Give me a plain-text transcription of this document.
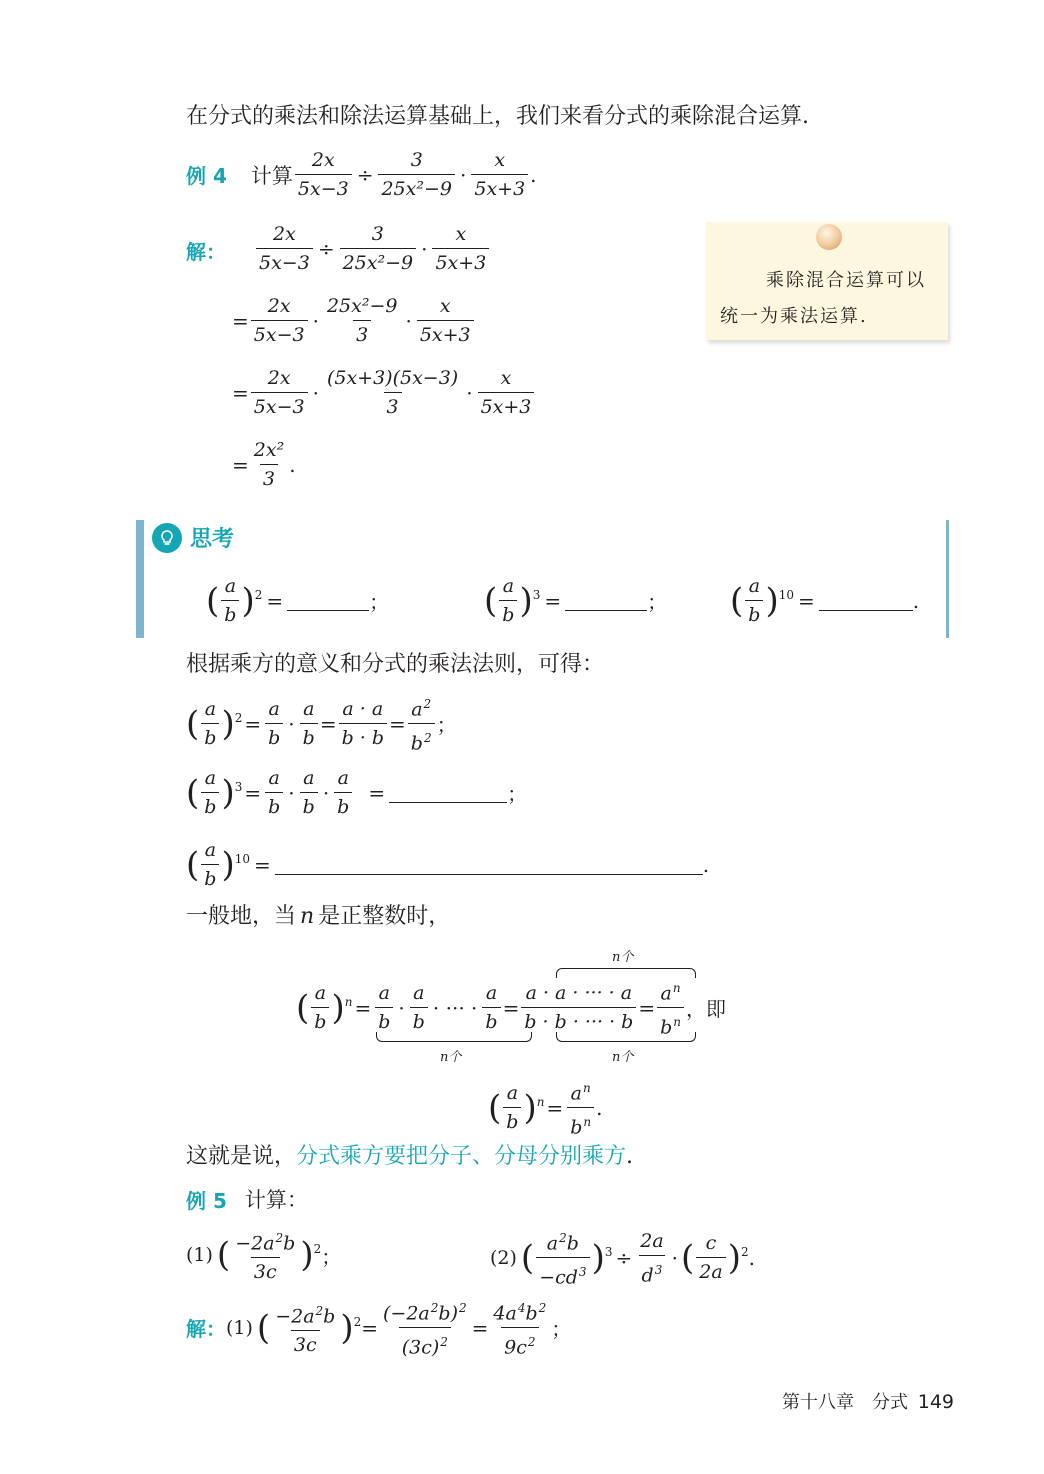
在分式的乘法和除法运算基础上，我们来看分式的乘除混合运算.
例 4 计算 $\frac{2x}{5x-3} \div \frac{3}{\text{25x²−9}} \cdot \frac{x}{5x+3}$ .
解： $\frac{2x}{5x-3} \div \frac{3}{\text{25x²−9}} \cdot \frac{x}{5x+3}$
= $\frac{2x}{5x-3} \cdot \frac{\text{25x²−9}}{3} \cdot \frac{x}{5x+3}$
= $\frac{2x}{5x-3} \cdot \frac{(5x+3)(5x-3)}{3} \cdot \frac{x}{5x+3}$
= $\frac{\text{2x²}}{3}$ .
乘除混合运算可以
统一为乘法运算.
思考
( $\frac{a}{b}$ ) 2 =	；	( $\frac{a}{b}$ ) 3 =	； ( $\frac{a}{b}$ ) 10 =	.
根据乘方的意义和分式的乘法法则，可得：
( $\frac{a}{b}$ ) $2 = \frac{a}{b} \cdot \frac{a}{b} = \frac{a \cdot a}{b \cdot b} = \frac{a^2}{b^2}$ ；
( $\frac{a}{b}$ ) $3 = \frac{a}{b} \cdot \frac{a}{b} \cdot \frac{a}{b}$ =	；
( $\frac{a}{b}$ ) 10 =	.
一般地，当 n 是正整数时，
( $\frac{a}{b}$ ) $n = \frac{a}{b} \cdot \frac{a}{b}$ · ··· · $\frac{a}{b} = \frac{a \cdot a \cdot \cdot\cdot\cdot \cdot a}{b \cdot b \cdot \cdot\cdot\cdot \cdot b} = \frac{a^n}{b^n}$ ，即
n个
n个
n个
( $\frac{a}{b}$ ) $n = \frac{a^n}{b^n}$ .
这就是说，分式乘方要把分子、分母分别乘方.
例 5 计算：
(1) ( $\frac{-2a^2b}{3c}$ ) 2 ；	(2) ( $\frac{a^2b}{-cd^3}$ ) $3 \div \frac{2a}{d^3}$ · ( $\frac{c}{2a}$ ) 2 .
解： (1) ( $\frac{-2a^2b}{3c}$ ) $2 = \frac{(-2a^2b)^2}{(3c)^2} = \frac{4a^4b^2}{9c^2}$ ；
第十八章　分式 149
